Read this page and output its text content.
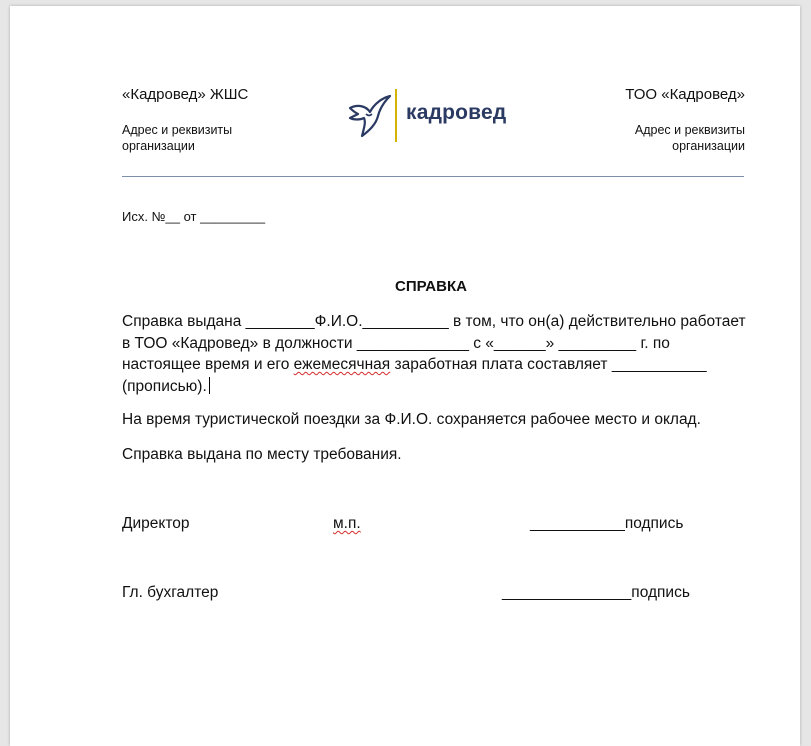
«Кадровед» ЖШС
Адрес и реквизиты
организации
кадровед
ТОО «Кадровед»
Адрес и реквизиты
организации
Исх. №__ от _________
СПРАВКА
Справка выдана ________Ф.И.О.__________ в том, что он(а) действительно работает
в ТОО «Кадровед» в должности _____________ с «______» _________ г. по
настоящее время и его ежемесячная заработная плата составляет ___________
(прописью).
На время туристической поездки за Ф.И.О. сохраняется рабочее место и оклад.
Справка выдана по месту требования.
Директор	м.п.	___________подпись
Гл. бухгалтер	_______________подпись
